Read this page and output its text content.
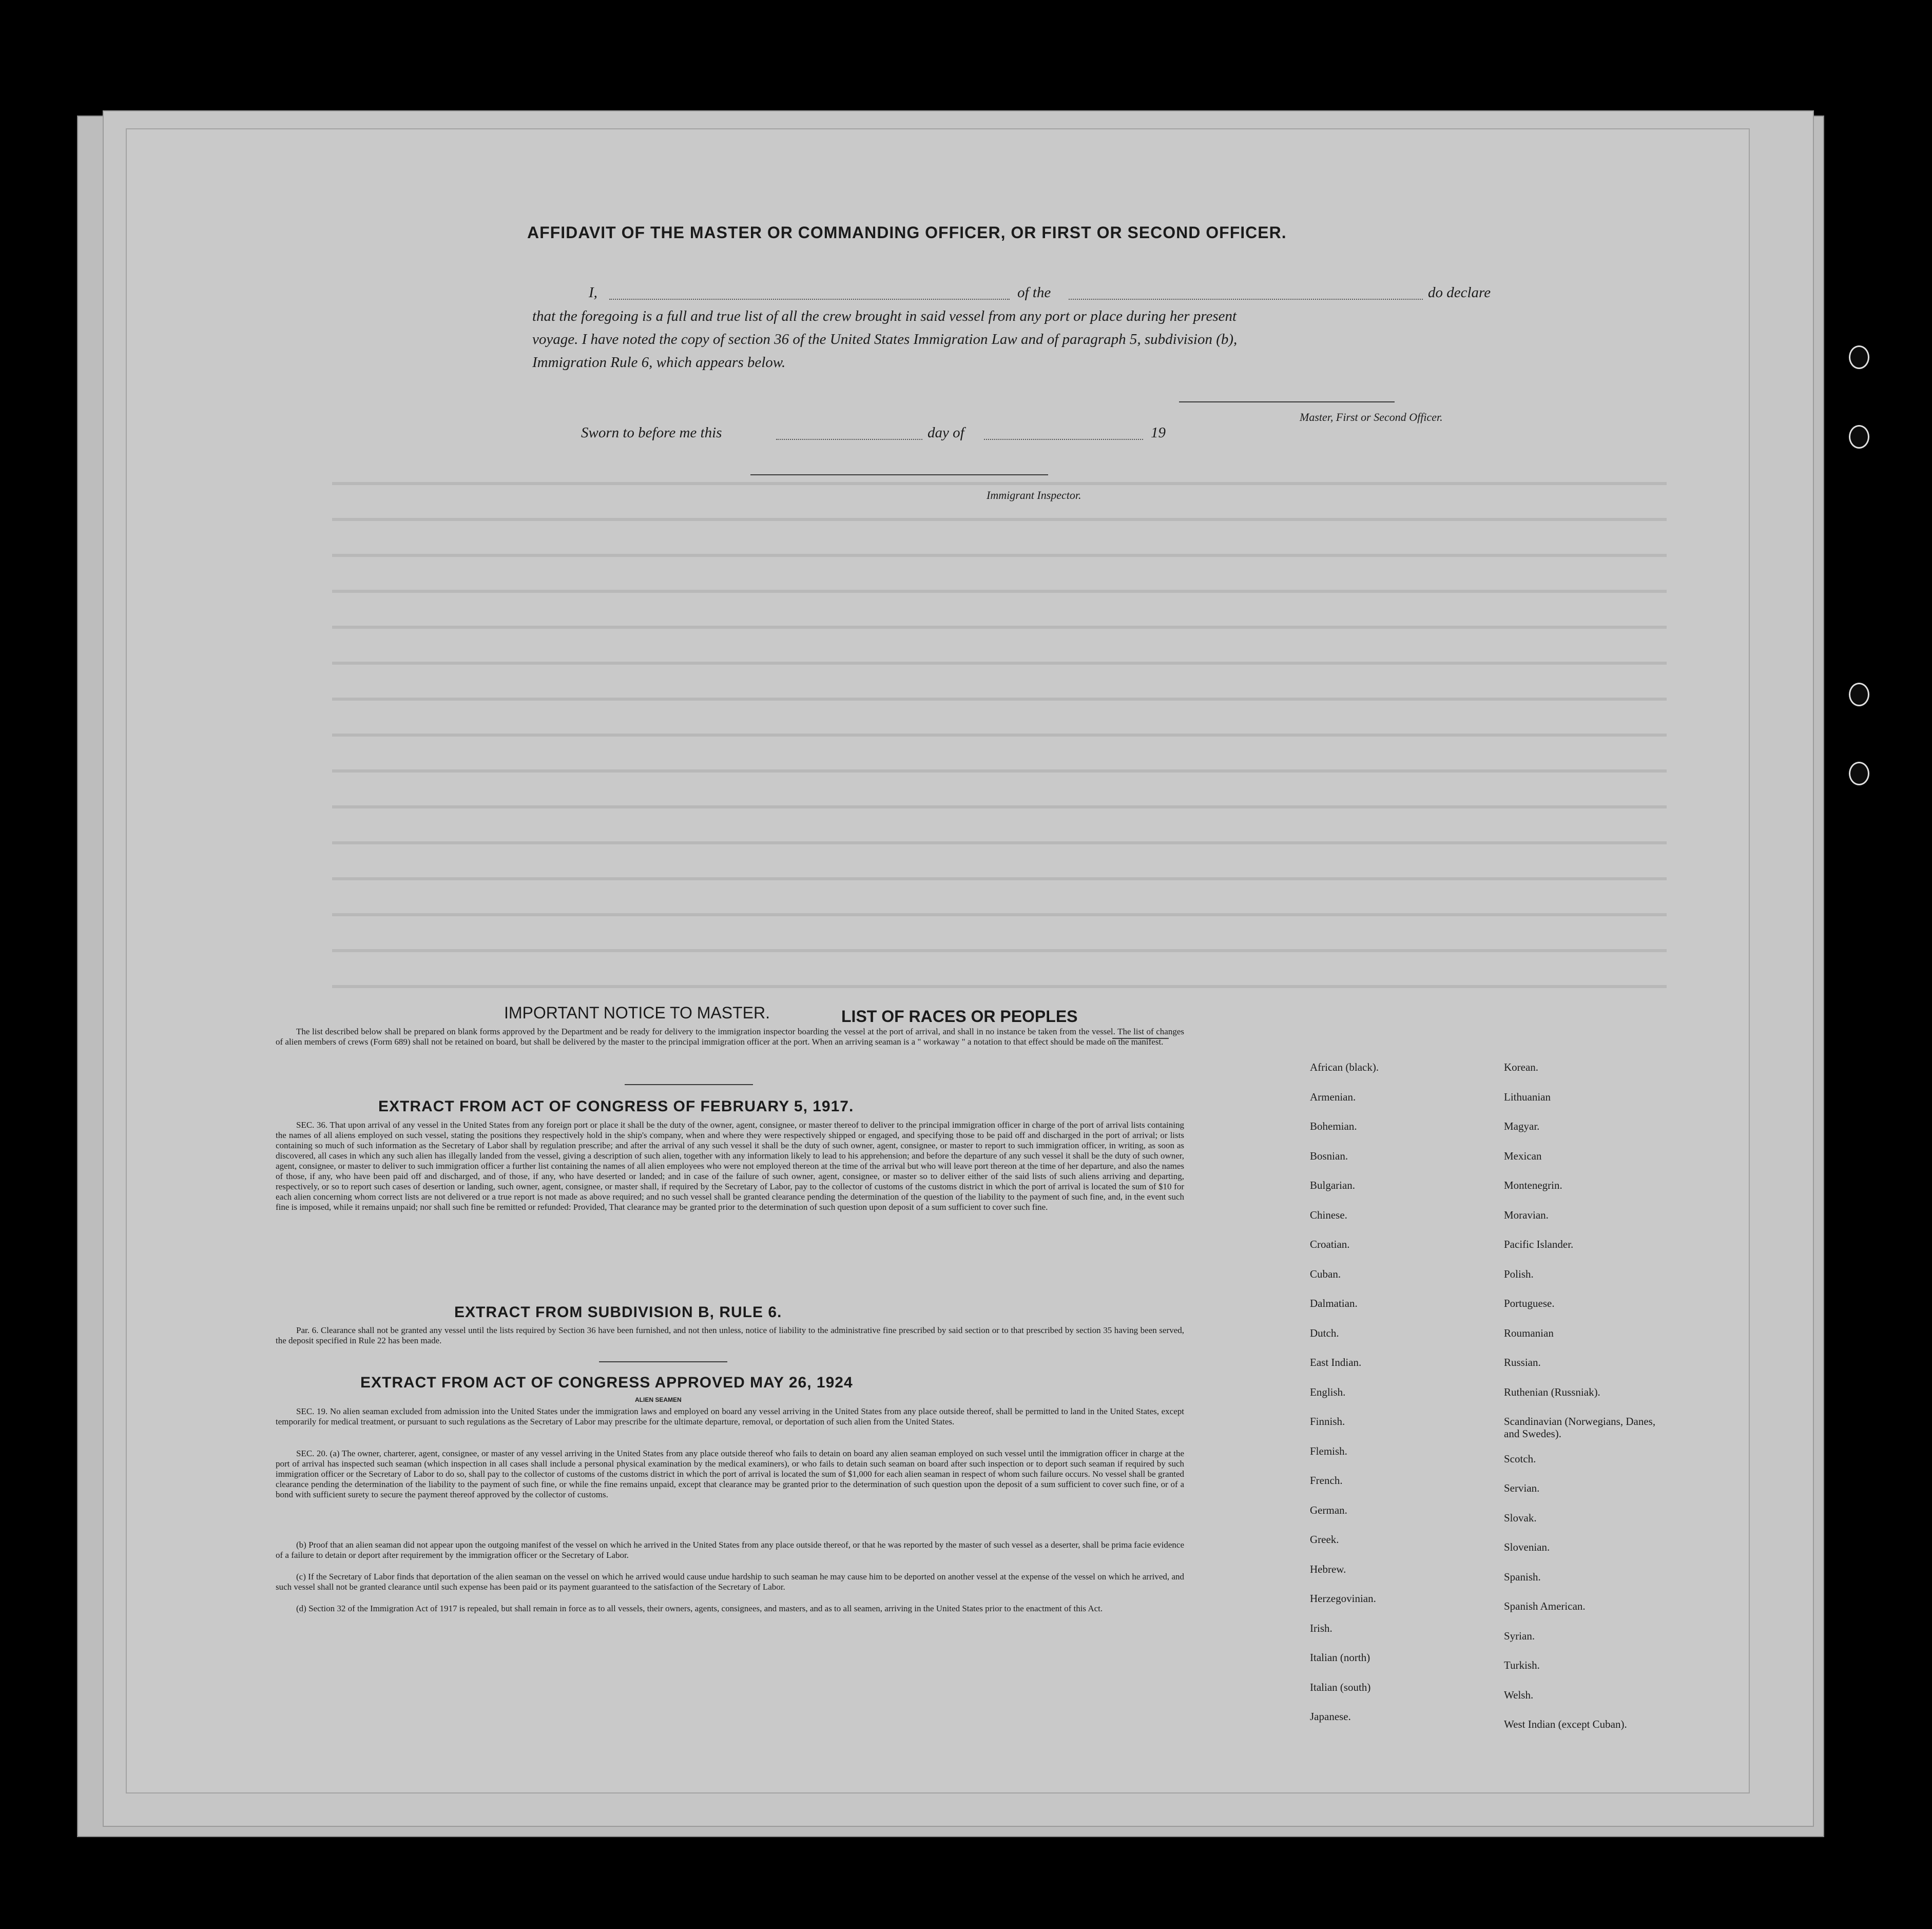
AFFIDAVIT OF THE MASTER OR COMMANDING OFFICER, OR FIRST OR SECOND OFFICER.
I,	of the	do declare
that the foregoing is a full and true list of all the crew brought in said vessel from any port or place during her present
voyage. I have noted the copy of section 36 of the United States Immigration Law and of paragraph 5, subdivision (b),
Immigration Rule 6, which appears below.
Master, First or Second Officer.
Sworn to before me this	day of	19
Immigrant Inspector.
IMPORTANT NOTICE TO MASTER.
The list described below shall be prepared on blank forms approved by the Department and be ready for delivery to the immigration inspector boarding the vessel at the port of arrival, and shall in no instance be taken from the vessel. The list of changes of alien members of crews (Form 689) shall not be retained on board, but shall be delivered by the master to the principal immigration officer at the port. When an arriving seaman is a " workaway " a notation to that effect should be made on the manifest.
EXTRACT FROM ACT OF CONGRESS OF FEBRUARY 5, 1917.
SEC. 36. That upon arrival of any vessel in the United States from any foreign port or place it shall be the duty of the owner, agent, consignee, or master thereof to deliver to the principal immigration officer in charge of the port of arrival lists containing the names of all aliens employed on such vessel, stating the positions they respectively hold in the ship's company, when and where they were respectively shipped or engaged, and specifying those to be paid off and discharged in the port of arrival; or lists containing so much of such information as the Secretary of Labor shall by regulation prescribe; and after the arrival of any such vessel it shall be the duty of such owner, agent, consignee, or master to report to such immigration officer, in writing, as soon as discovered, all cases in which any such alien has illegally landed from the vessel, giving a description of such alien, together with any information likely to lead to his apprehension; and before the departure of any such vessel it shall be the duty of such owner, agent, consignee, or master to deliver to such immigration officer a further list containing the names of all alien employees who were not employed thereon at the time of the arrival but who will leave port thereon at the time of her departure, and also the names of those, if any, who have been paid off and discharged, and of those, if any, who have deserted or landed; and in case of the failure of such owner, agent, consignee, or master so to deliver either of the said lists of such aliens arriving and departing, respectively, or so to report such cases of desertion or landing, such owner, agent, consignee, or master shall, if required by the Secretary of Labor, pay to the collector of customs of the customs district in which the port of arrival is located the sum of $10 for each alien concerning whom correct lists are not delivered or a true report is not made as above required; and no such vessel shall be granted clearance pending the determination of the question of the liability to the payment of such fine, and, in the event such fine is imposed, while it remains unpaid; nor shall such fine be remitted or refunded: Provided, That clearance may be granted prior to the determination of such question upon deposit of a sum sufficient to cover such fine.
EXTRACT FROM SUBDIVISION B, RULE 6.
Par. 6. Clearance shall not be granted any vessel until the lists required by Section 36 have been furnished, and not then unless, notice of liability to the administrative fine prescribed by said section or to that prescribed by section 35 having been served, the deposit specified in Rule 22 has been made.
EXTRACT FROM ACT OF CONGRESS APPROVED MAY 26, 1924
ALIEN SEAMEN
SEC. 19. No alien seaman excluded from admission into the United States under the immigration laws and employed on board any vessel arriving in the United States from any place outside thereof, shall be permitted to land in the United States, except temporarily for medical treatment, or pursuant to such regulations as the Secretary of Labor may prescribe for the ultimate departure, removal, or deportation of such alien from the United States.
SEC. 20. (a) The owner, charterer, agent, consignee, or master of any vessel arriving in the United States from any place outside thereof who fails to detain on board any alien seaman employed on such vessel until the immigration officer in charge at the port of arrival has inspected such seaman (which inspection in all cases shall include a personal physical examination by the medical examiners), or who fails to detain such seaman on board after such inspection or to deport such seaman if required by such immigration officer or the Secretary of Labor to do so, shall pay to the collector of customs of the customs district in which the port of arrival is located the sum of $1,000 for each alien seaman in respect of whom such failure occurs. No vessel shall be granted clearance pending the determination of the liability to the payment of such fine, or while the fine remains unpaid, except that clearance may be granted prior to the determination of such question upon the deposit of a sum sufficient to cover such fine, or of a bond with sufficient surety to secure the payment thereof approved by the collector of customs.
(b) Proof that an alien seaman did not appear upon the outgoing manifest of the vessel on which he arrived in the United States from any place outside thereof, or that he was reported by the master of such vessel as a deserter, shall be prima facie evidence of a failure to detain or deport after requirement by the immigration officer or the Secretary of Labor.
(c) If the Secretary of Labor finds that deportation of the alien seaman on the vessel on which he arrived would cause undue hardship to such seaman he may cause him to be deported on another vessel at the expense of the vessel on which he arrived, and such vessel shall not be granted clearance until such expense has been paid or its payment guaranteed to the satisfaction of the Secretary of Labor.
(d) Section 32 of the Immigration Act of 1917 is repealed, but shall remain in force as to all vessels, their owners, agents, consignees, and masters, and as to all seamen, arriving in the United States prior to the enactment of this Act.
LIST OF RACES OR PEOPLES
African (black).
Armenian.
Bohemian.
Bosnian.
Bulgarian.
Chinese.
Croatian.
Cuban.
Dalmatian.
Dutch.
East Indian.
English.
Finnish.
Flemish.
French.
German.
Greek.
Hebrew.
Herzegovinian.
Irish.
Italian (north)
Italian (south)
Japanese.
Korean.
Lithuanian
Magyar.
Mexican
Montenegrin.
Moravian.
Pacific Islander.
Polish.
Portuguese.
Roumanian
Russian.
Ruthenian (Russniak).
Scandinavian (Norwegians, Danes, and Swedes).
Scotch.
Servian.
Slovak.
Slovenian.
Spanish.
Spanish American.
Syrian.
Turkish.
Welsh.
West Indian (except Cuban).
